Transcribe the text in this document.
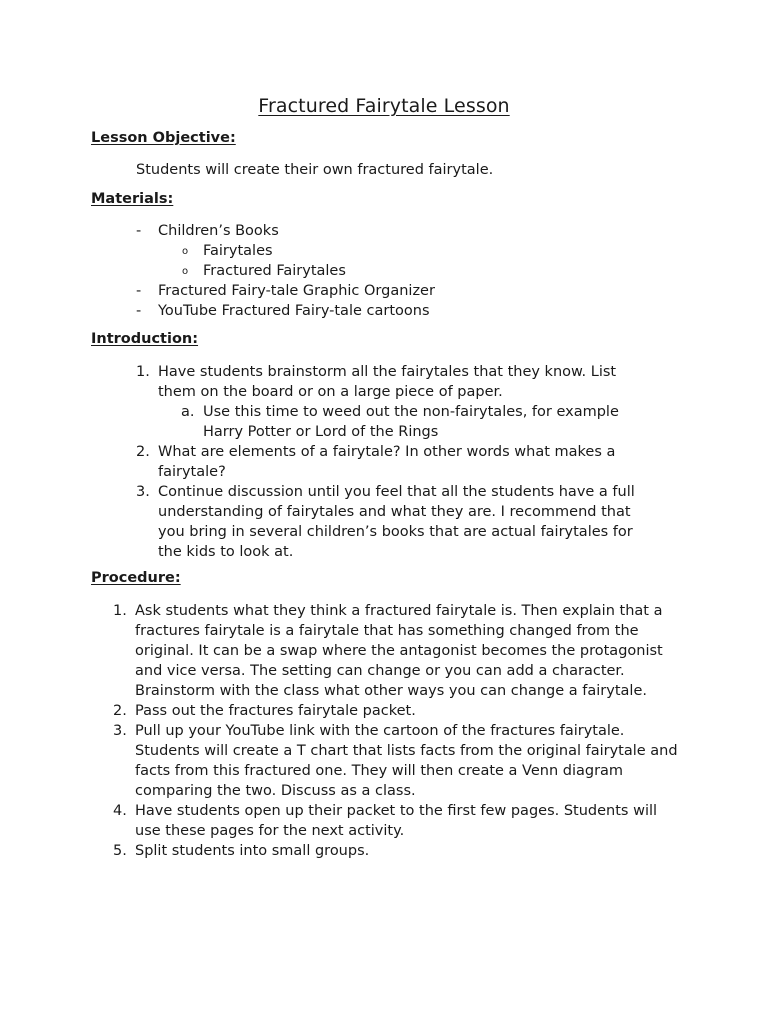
Fractured Fairytale Lesson
Lesson Objective:

Students will create their own fractured fairytale.

Materials:
- Children’s Books
o Fairytales
o Fractured Fairytales
- Fractured Fairy-tale Graphic Organizer
- YouTube Fractured Fairy-tale cartoons
Introduction:
1. Have students brainstorm all the fairytales that they know. List them on the board or on a large piece of paper.
a. Use this time to weed out the non-fairytales, for example Harry Potter or Lord of the Rings
2. What are elements of a fairytale? In other words what makes a fairytale?
3. Continue discussion until you feel that all the students have a full understanding of fairytales and what they are. I recommend that you bring in several children’s books that are actual fairytales for the kids to look at.
Procedure:
1. Ask students what they think a fractured fairytale is. Then explain that a fractures fairytale is a fairytale that has something changed from the original. It can be a swap where the antagonist becomes the protagonist and vice versa. The setting can change or you can add a character. Brainstorm with the class what other ways you can change a fairytale.
2. Pass out the fractures fairytale packet.
3. Pull up your YouTube link with the cartoon of the fractures fairytale. Students will create a T chart that lists facts from the original fairytale and facts from this fractured one. They will then create a Venn diagram comparing the two. Discuss as a class.
4. Have students open up their packet to the first few pages. Students will use these pages for the next activity.
5. Split students into small groups.
